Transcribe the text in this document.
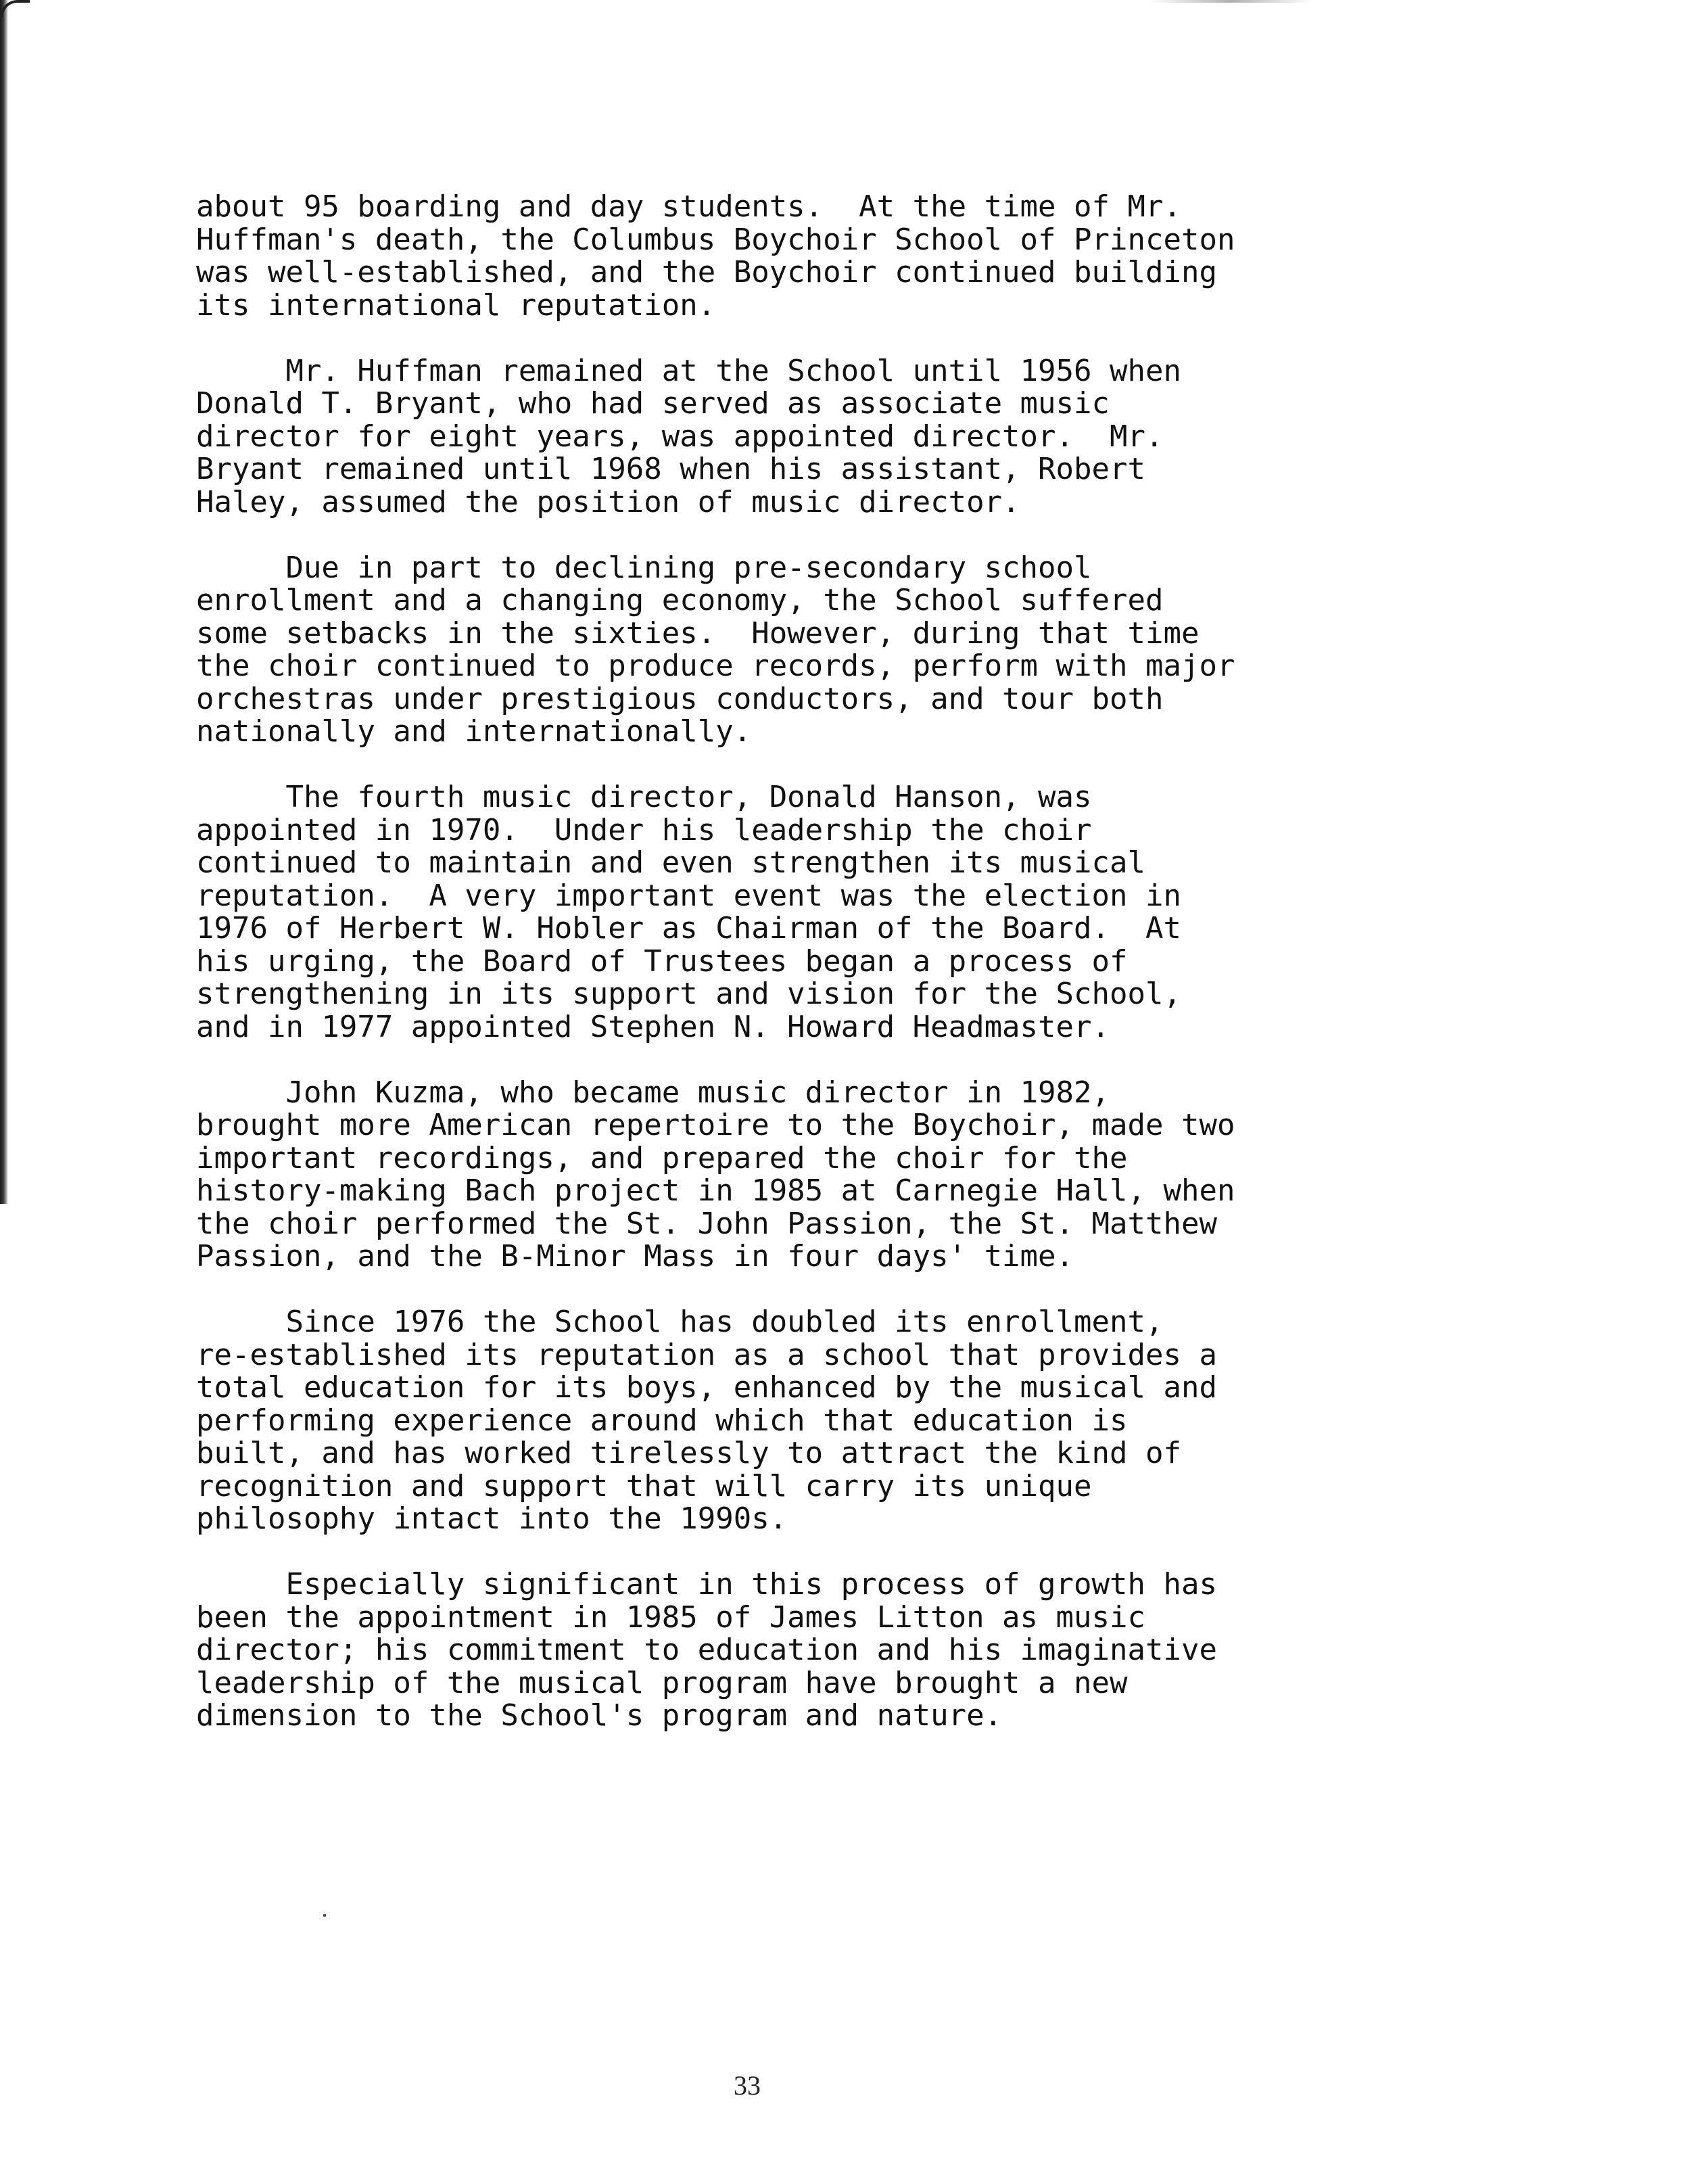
about 95 boarding and day students.  At the time of Mr.
Huffman's death, the Columbus Boychoir School of Princeton
was well-established, and the Boychoir continued building
its international reputation.
Mr. Huffman remained at the School until 1956 when
Donald T. Bryant, who had served as associate music
director for eight years, was appointed director.  Mr.
Bryant remained until 1968 when his assistant, Robert
Haley, assumed the position of music director.
Due in part to declining pre-secondary school
enrollment and a changing economy, the School suffered
some setbacks in the sixties.  However, during that time
the choir continued to produce records, perform with major
orchestras under prestigious conductors, and tour both
nationally and internationally.
The fourth music director, Donald Hanson, was
appointed in 1970.  Under his leadership the choir
continued to maintain and even strengthen its musical
reputation.  A very important event was the election in
1976 of Herbert W. Hobler as Chairman of the Board.  At
his urging, the Board of Trustees began a process of
strengthening in its support and vision for the School,
and in 1977 appointed Stephen N. Howard Headmaster.
John Kuzma, who became music director in 1982,
brought more American repertoire to the Boychoir, made two
important recordings, and prepared the choir for the
history-making Bach project in 1985 at Carnegie Hall, when
the choir performed the St. John Passion, the St. Matthew
Passion, and the B-Minor Mass in four days' time.
Since 1976 the School has doubled its enrollment,
re-established its reputation as a school that provides a
total education for its boys, enhanced by the musical and
performing experience around which that education is
built, and has worked tirelessly to attract the kind of
recognition and support that will carry its unique
philosophy intact into the 1990s.
Especially significant in this process of growth has
been the appointment in 1985 of James Litton as music
director; his commitment to education and his imaginative
leadership of the musical program have brought a new
dimension to the School's program and nature.
33
